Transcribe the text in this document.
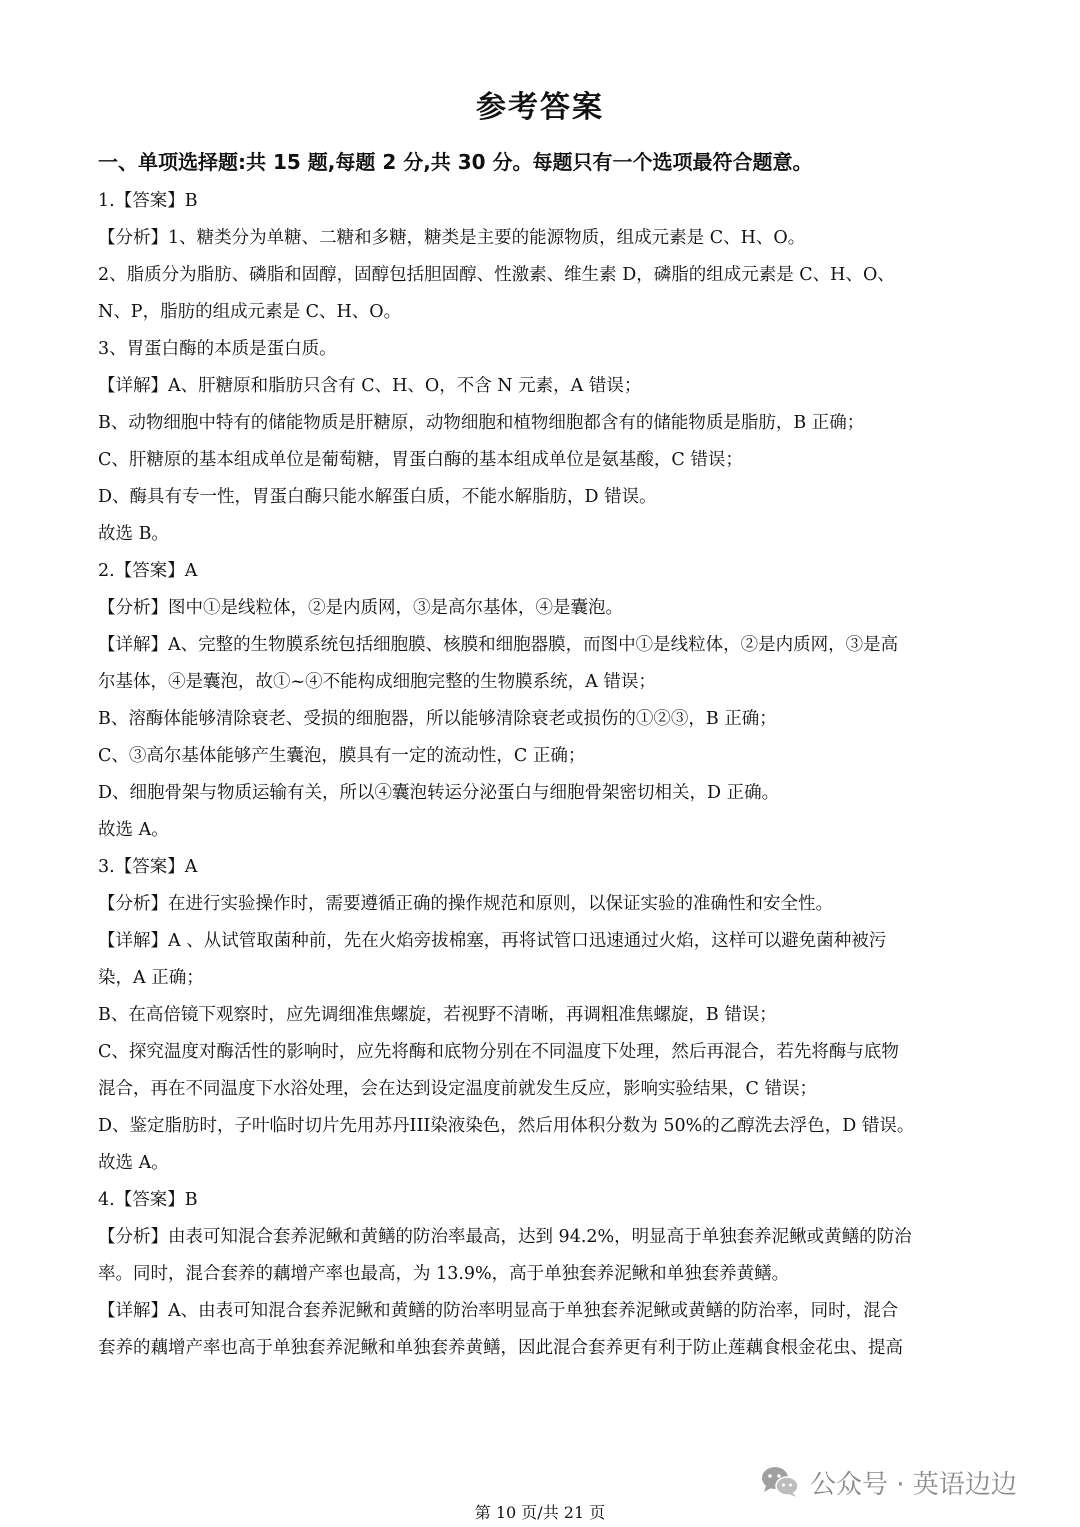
参考答案
一、单项选择题:共 15 题,每题 2 分,共 30 分。每题只有一个选项最符合题意。
1.【答案】B
【分析】1、糖类分为单糖、二糖和多糖，糖类是主要的能源物质，组成元素是 C、H、O。
2、脂质分为脂肪、磷脂和固醇，固醇包括胆固醇、性激素、维生素 D，磷脂的组成元素是 C、H、O、
N、P，脂肪的组成元素是 C、H、O。
3、胃蛋白酶的本质是蛋白质。
【详解】A、肝糖原和脂肪只含有 C、H、O，不含 N 元素，A 错误；
B、动物细胞中特有的储能物质是肝糖原，动物细胞和植物细胞都含有的储能物质是脂肪，B 正确；
C、肝糖原的基本组成单位是葡萄糖，胃蛋白酶的基本组成单位是氨基酸，C 错误；
D、酶具有专一性，胃蛋白酶只能水解蛋白质，不能水解脂肪，D 错误。
故选 B。
2.【答案】A
【分析】图中①是线粒体，②是内质网，③是高尔基体，④是囊泡。
【详解】A、完整的生物膜系统包括细胞膜、核膜和细胞器膜，而图中①是线粒体，②是内质网，③是高
尔基体，④是囊泡，故①~④不能构成细胞完整的生物膜系统，A 错误；
B、溶酶体能够清除衰老、受损的细胞器，所以能够清除衰老或损伤的①②③，B 正确；
C、③高尔基体能够产生囊泡，膜具有一定的流动性，C 正确；
D、细胞骨架与物质运输有关，所以④囊泡转运分泌蛋白与细胞骨架密切相关，D 正确。
故选 A。
3.【答案】A
【分析】在进行实验操作时，需要遵循正确的操作规范和原则，以保证实验的准确性和安全性。
【详解】A 、从试管取菌种前，先在火焰旁拔棉塞，再将试管口迅速通过火焰，这样可以避免菌种被污
染，A 正确；
B、在高倍镜下观察时，应先调细准焦螺旋，若视野不清晰，再调粗准焦螺旋，B 错误；
C、探究温度对酶活性的影响时，应先将酶和底物分别在不同温度下处理，然后再混合，若先将酶与底物
混合，再在不同温度下水浴处理，会在达到设定温度前就发生反应，影响实验结果，C 错误；
D、鉴定脂肪时，子叶临时切片先用苏丹III染液染色，然后用体积分数为 50%的乙醇洗去浮色，D 错误。
故选 A。
4.【答案】B
【分析】由表可知混合套养泥鳅和黄鳝的防治率最高，达到 94.2%，明显高于单独套养泥鳅或黄鳝的防治
率。同时，混合套养的藕增产率也最高，为 13.9%，高于单独套养泥鳅和单独套养黄鳝。
【详解】A、由表可知混合套养泥鳅和黄鳝的防治率明显高于单独套养泥鳅或黄鳝的防治率，同时，混合
套养的藕增产率也高于单独套养泥鳅和单独套养黄鳝，因此混合套养更有利于防止莲藕食根金花虫、提高
公众号 · 英语边边
第 10 页/共 21 页
